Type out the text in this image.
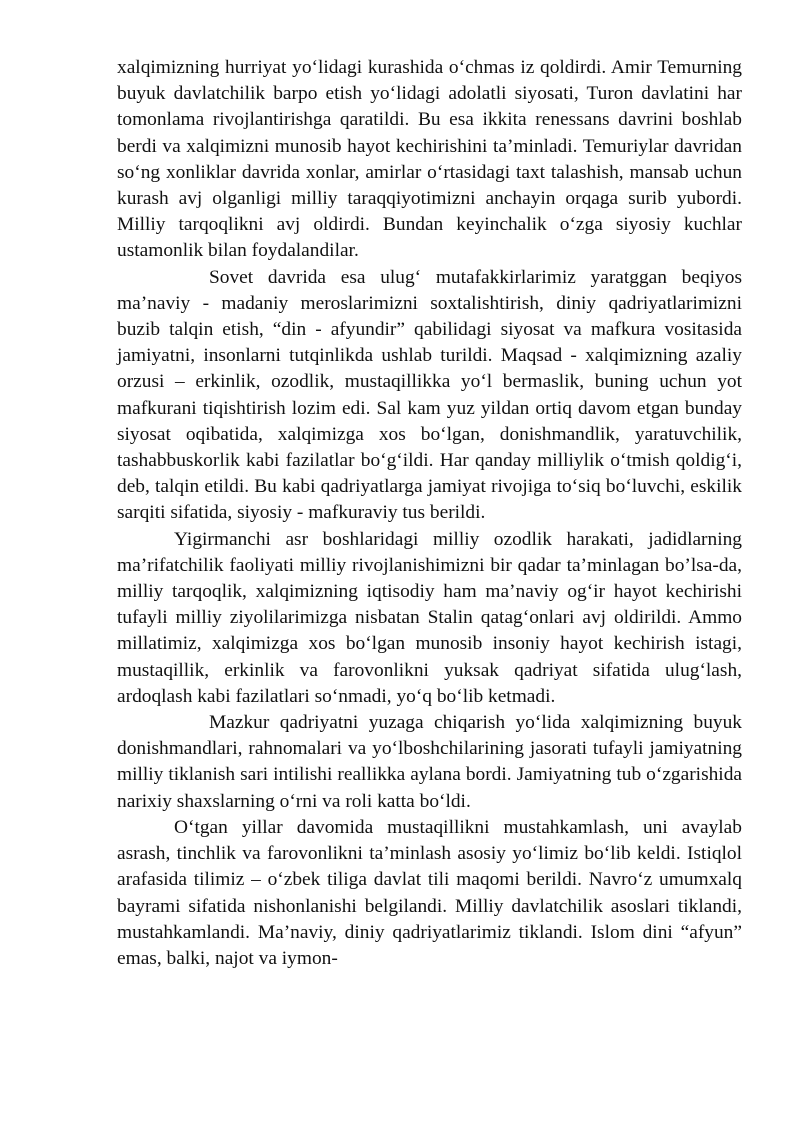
xalqimizning hurriyat yo‘lidagi kurashida o‘chmas iz qoldirdi. Amir Temurning buyuk davlatchilik barpo etish yo‘lidagi adolatli siyosati, Turon davlatini har tomonlama rivojlantirishga qaratildi. Bu esa ikkita renessans davrini boshlab berdi va xalqimizni munosib hayot kechirishini ta’minladi. Temuriylar davridan so‘ng xonliklar davrida xonlar, amirlar o‘rtasidagi taxt talashish, mansab uchun kurash avj olganligi milliy taraqqiyotimizni anchayin orqaga surib yubordi. Milliy tarqoqlikni avj oldirdi. Bundan keyinchalik o‘zga siyosiy kuchlar ustamonlik bilan foydalandilar.

Sovet davrida esa ulug‘ mutafakkirlarimiz yaratggan beqiyos ma’naviy - madaniy meroslarimizni soxtalishtirish, diniy qadriyatlarimizni buzib talqin etish, “din - afyundir” qabilidagi siyosat va mafkura vositasida jamiyatni, insonlarni tutqinlikda ushlab turildi. Maqsad - xalqimizning azaliy orzusi – erkinlik, ozodlik, mustaqillikka yo‘l bermaslik, buning uchun yot mafkurani tiqishtirish lozim edi. Sal kam yuz yildan ortiq davom etgan bunday siyosat oqibatida, xalqimizga xos bo‘lgan, donishmandlik, yaratuvchilik, tashabbuskorlik kabi fazilatlar bo‘g‘ildi. Har qanday milliylik o‘tmish qoldig‘i, deb, talqin etildi. Bu kabi qadriyatlarga jamiyat rivojiga to‘siq bo‘luvchi, eskilik sarqiti sifatida, siyosiy - mafkuraviy tus berildi.

Yigirmanchi asr boshlaridagi milliy ozodlik harakati, jadidlarning ma’rifatchilik faoliyati milliy rivojlanishimizni bir qadar ta’minlagan bo’lsa-da, milliy tarqoqlik, xalqimizning iqtisodiy ham ma’naviy og‘ir hayot kechirishi tufayli milliy ziyolilarimizga nisbatan Stalin qatag‘onlari avj oldirildi. Ammo millatimiz, xalqimizga xos bo‘lgan munosib insoniy hayot kechirish istagi, mustaqillik, erkinlik va farovonlikni yuksak qadriyat sifatida ulug‘lash, ardoqlash kabi fazilatlari so‘nmadi, yo‘q bo‘lib ketmadi.

Mazkur qadriyatni yuzaga chiqarish yo‘lida xalqimizning buyuk donishmandlari, rahnomalari va yo‘lboshchilarining jasorati tufayli jamiyatning milliy tiklanish sari intilishi reallikka aylana bordi. Jamiyatning tub o‘zgarishida narixiy shaxslarning o‘rni va roli katta bo‘ldi.

O‘tgan yillar davomida mustaqillikni mustahkamlash, uni avaylab asrash, tinchlik va farovonlikni ta’minlash asosiy yo‘limiz bo‘lib keldi. Istiqlol arafasida tilimiz – o‘zbek tiliga davlat tili maqomi berildi. Navro‘z umumxalq bayrami sifatida nishonlanishi belgilandi. Milliy davlatchilik asoslari tiklandi, mustahkamlandi. Ma’naviy, diniy qadriyatlarimiz tiklandi. Islom dini “afyun” emas, balki, najot va iymon-
